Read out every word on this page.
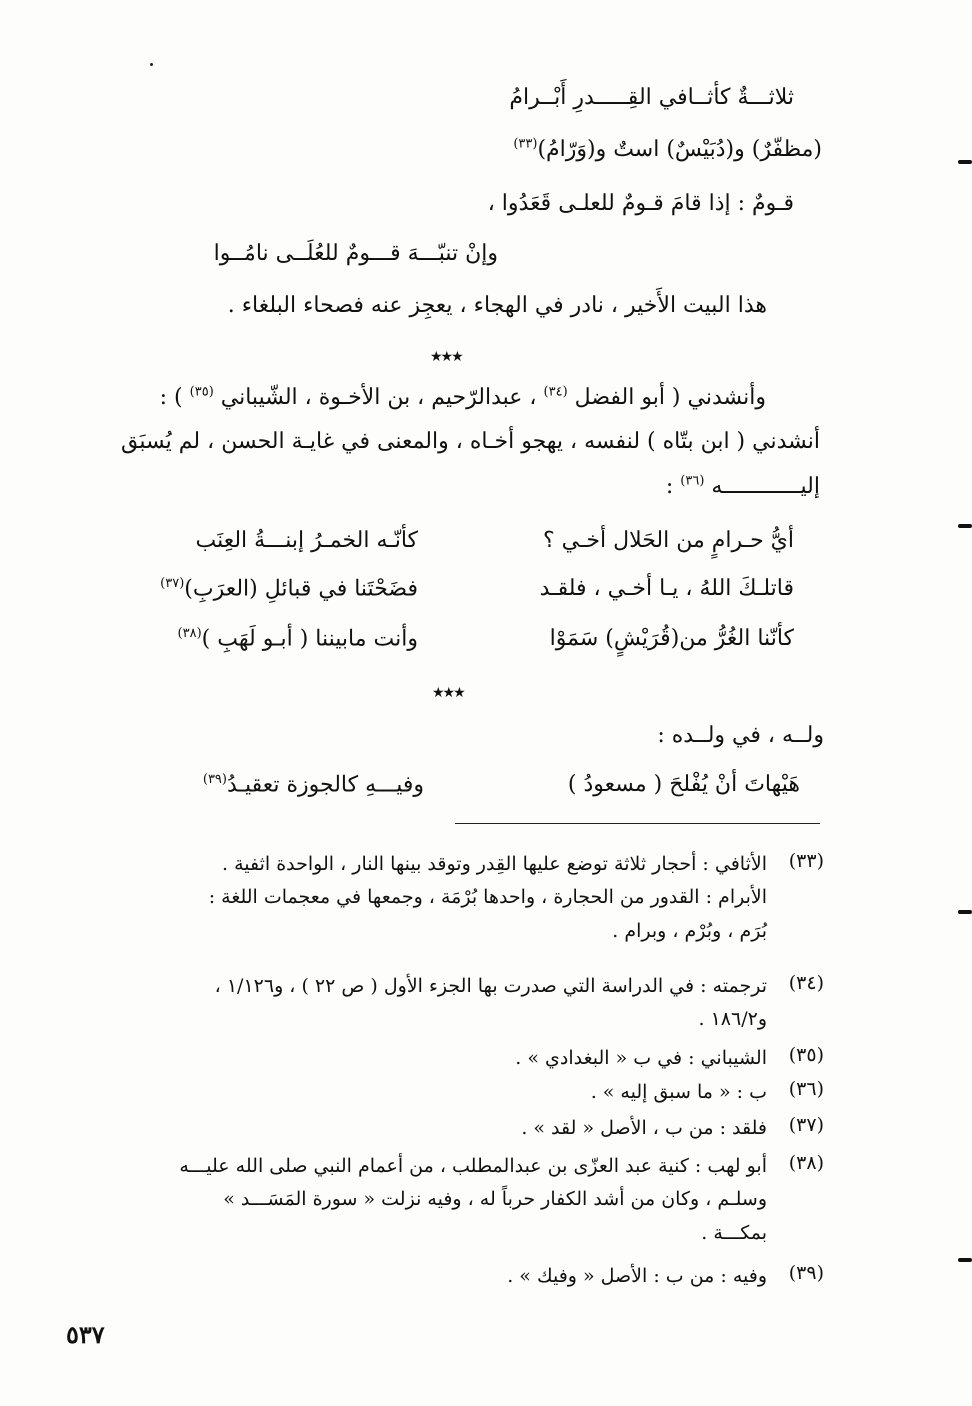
ثلاثـــةٌ كأثــافي القِـــــدرِ أَبْــرامُ
(مظفّرٌ) و(دُبَيْسٌ) استٌ و(وَرّامُ)$^{(٣٣)}$
قـومٌ : إذا قامَ قـومٌ للعلـى قَعَدُوا ،
وإنْ تنبّـــهَ قـــومٌ للعُلَــى نامُــوا
هذا البيت الأَخير ، نادر في الهجاء ، يعجِز عنه فصحاء البلغاء .
★★★
وأنشدني ( أبو الفضل $^{(٣٤)}$ ، عبدالرّحيم ، بن الأخـوة ، الشّيباني $^{(٣٥)}$ ) :
أنشدني ( ابن بتّاه ) لنفسه ، يهجو أخـاه ، والمعنى في غايـة الحسن ، لم يُسبَق
إليــــــــــــه $^{(٣٦)}$ :
أيُّ حـرامٍ من الحَلال أخـي ؟
كأنّـه الخمـرُ إبنـــةُ العِنَب
قاتلـكَ اللهُ ، يـا أخـي ، فلقـد
فضَحْتَنا في قبائلِ (العرَبِ)$^{(٣٧)}$
كأنّنا الغُرُّ من(قُرَيْشٍ) سَمَوْا
وأنت مابيننا ( أبـو لَهَبِ )$^{(٣٨)}$
★★★
ولــه ، في ولــده :
هَيْهاتَ أنْ يُفْلحَ ( مسعودُ )
وفيـــهِ كالجوزة تعقيـدُ$^{(٣٩)}$
(٣٣)
الأثافي : أحجار ثلاثة توضع عليها القِدر وتوقد بينها النار ، الواحدة اثفية .
الأبرام : القدور من الحجارة ، واحدها بُرْمَة ، وجمعها في معجمات اللغة :
بُرَم ، وبُرْم ، وبرام .
(٣٤)
ترجمته : في الدراسة التي صدرت بها الجزء الأول ( ص ٢٢ ) ، و١/١٢٦ ،
و١٨٦/٢ .
(٣٥)
الشيباني : في ب « البغدادي » .
(٣٦)
ب : « ما سبق إليه » .
(٣٧)
فلقد : من ب ، الأصل « لقد » .
(٣٨)
أبو لهب : كنية عبد العزّى بن عبدالمطلب ، من أعمام النبي صلى الله عليـــه
وسلـم ، وكان من أشد الكفار حرباً له ، وفيه نزلت « سورة المَسَـــد »
بمكـــة .
(٣٩)
وفيه : من ب : الأصل « وفيك » .
٥٣٧
